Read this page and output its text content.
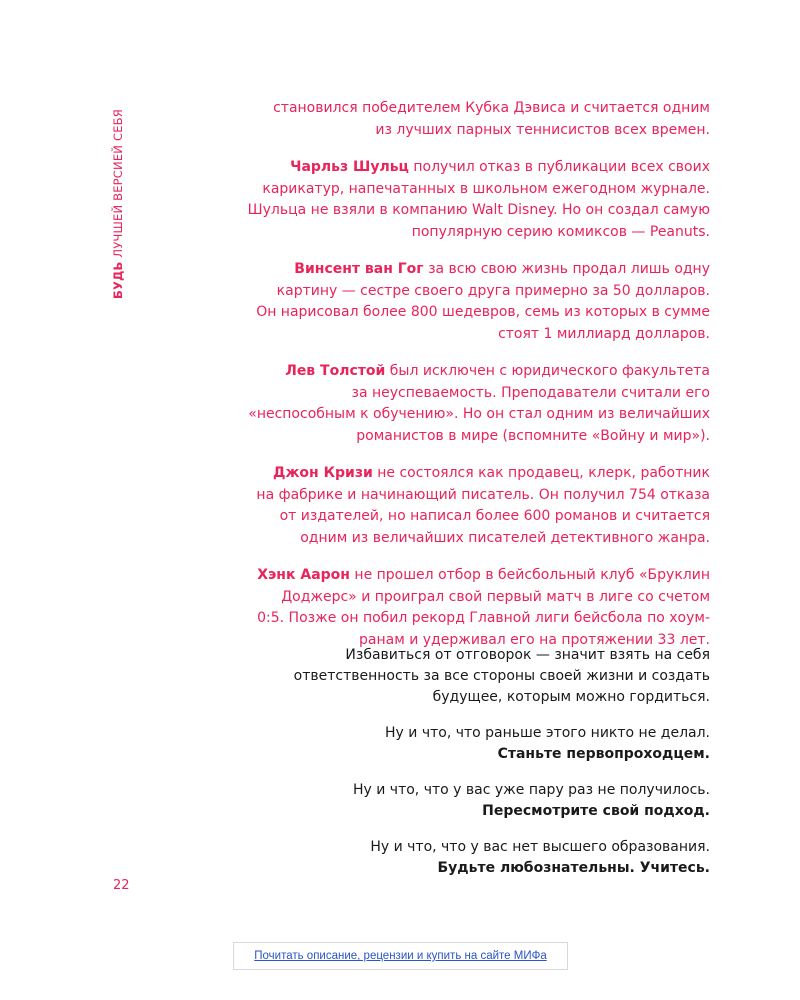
БУДЬ ЛУЧШЕЙ ВЕРСИЕЙ СЕБЯ
становился победителем Кубка Дэвиса и считается одним
из лучших парных теннисистов всех времен.
Чарльз Шульц получил отказ в публикации всех своих
карикатур, напечатанных в школьном ежегодном журнале.
Шульца не взяли в компанию Walt Disney. Но он создал самую
популярную серию комиксов — Peanuts.
Винсент ван Гог за всю свою жизнь продал лишь одну
картину — сестре своего друга примерно за 50 долларов.
Он нарисовал более 800 шедевров, семь из которых в сумме
стоят 1 миллиард долларов.
Лев Толстой был исключен с юридического факультета
за неуспеваемость. Преподаватели считали его
«неспособным к обучению». Но он стал одним из величайших
романистов в мире (вспомните «Войну и мир»).
Джон Кризи не состоялся как продавец, клерк, работник
на фабрике и начинающий писатель. Он получил 754 отказа
от издателей, но написал более 600 романов и считается
одним из величайших писателей детективного жанра.
Хэнк Аарон не прошел отбор в бейсбольный клуб «Бруклин
Доджерс» и проиграл свой первый матч в лиге со счетом
0:5. Позже он побил рекорд Главной лиги бейсбола по хоум-
ранам и удерживал его на протяжении 33 лет.
Избавиться от отговорок — значит взять на себя
ответственность за все стороны своей жизни и создать
будущее, которым можно гордиться.
Ну и что, что раньше этого никто не делал.
Станьте первопроходцем.
Ну и что, что у вас уже пару раз не получилось.
Пересмотрите свой подход.
Ну и что, что у вас нет высшего образования.
Будьте любознательны. Учитесь.
22
Почитать описание, рецензии и купить на сайте МИФа
